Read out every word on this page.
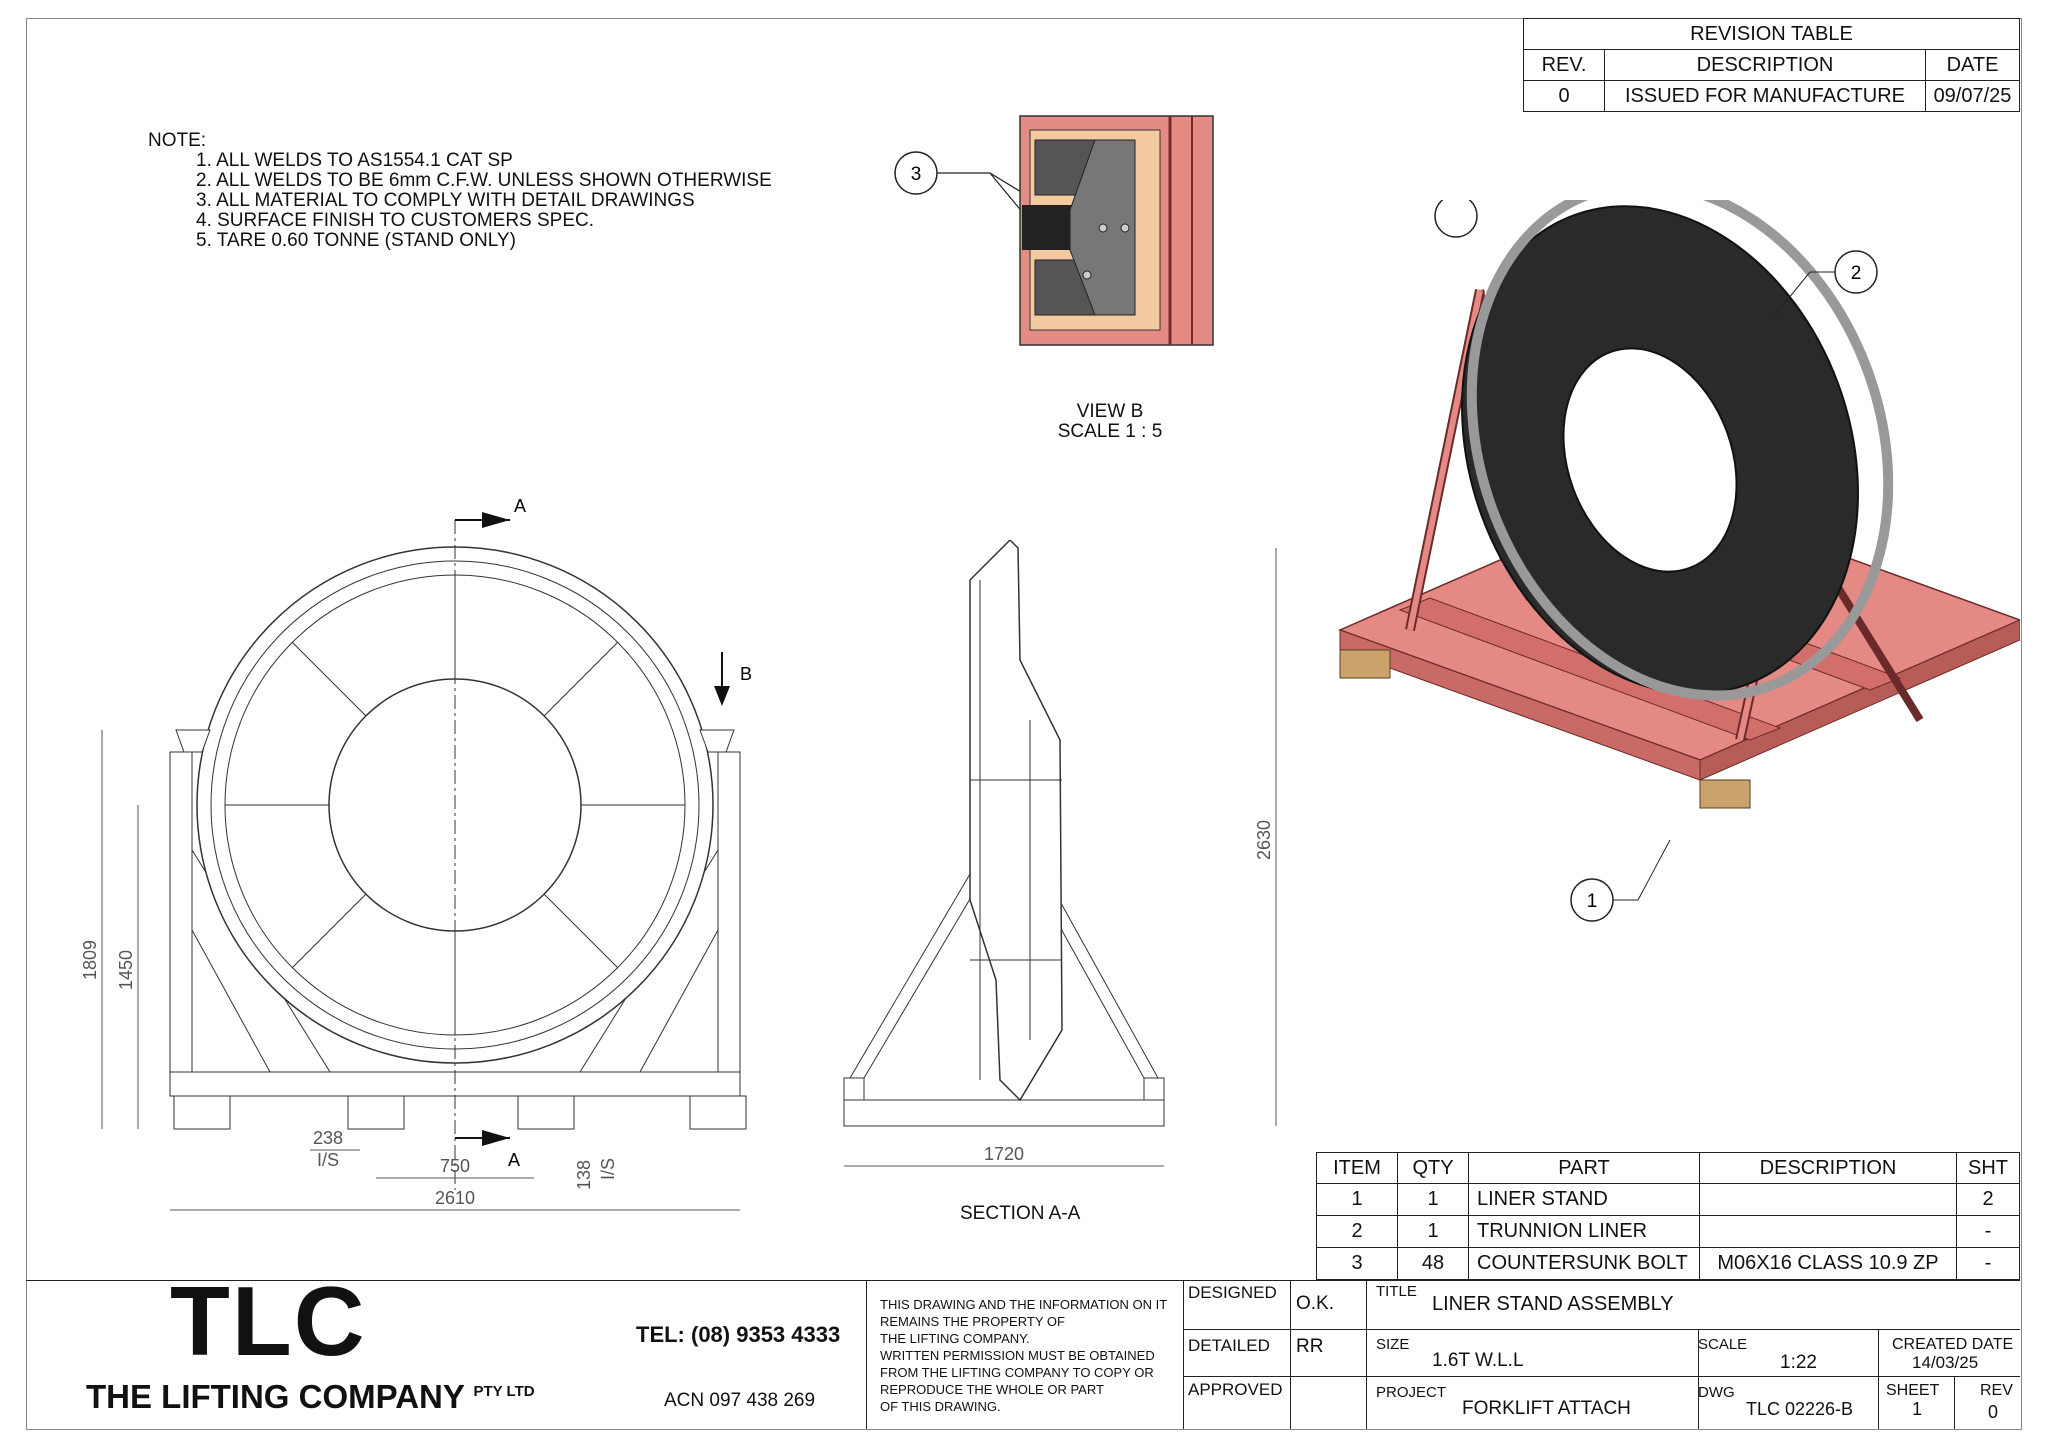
REVISION TABLE		
REV.	DESCRIPTION	DATE
0	ISSUED FOR MANUFACTURE	09/07/25
NOTE:
1. ALL WELDS TO AS1554.1 CAT SP
2. ALL WELDS TO BE 6mm C.F.W. UNLESS SHOWN OTHERWISE
3. ALL MATERIAL TO COMPLY WITH DETAIL DRAWINGS
4. SURFACE FINISH TO CUSTOMERS SPEC.
5. TARE 0.60 TONNE (STAND ONLY)
3
VIEW B
SCALE 1 : 5
A
A
B
2610
750
238
I/S	138 I/S
1809 1450
1720
2630
SECTION A-A
2
1
ITEM	QTY	PART	DESCRIPTION	SHT
1	1	LINER STAND		2
2	1	TRUNNION LINER		-
3	48	COUNTERSUNK BOLT	M06X16 CLASS 10.9 ZP	-
TLC
THE LIFTING COMPANY $^{PTY LTD}$
TEL: (08) 9353 4333
ACN 097 438 269
THIS DRAWING AND THE INFORMATION ON IT
REMAINS THE PROPERTY OF
THE LIFTING COMPANY.
WRITTEN PERMISSION MUST BE OBTAINED
FROM THE LIFTING COMPANY TO COPY OR
REPRODUCE THE WHOLE OR PART
OF THIS DRAWING.
DESIGNED
O.K.
DETAILED RR
APPROVED
TITLE
LINER STAND ASSEMBLY
SIZE
1.6T W.L.L
SCALE
1:22
CREATED DATE
14/03/25
PROJECT
FORKLIFT ATTACH
DWG
TLC 02226-B
SHEET
1
REV
0
